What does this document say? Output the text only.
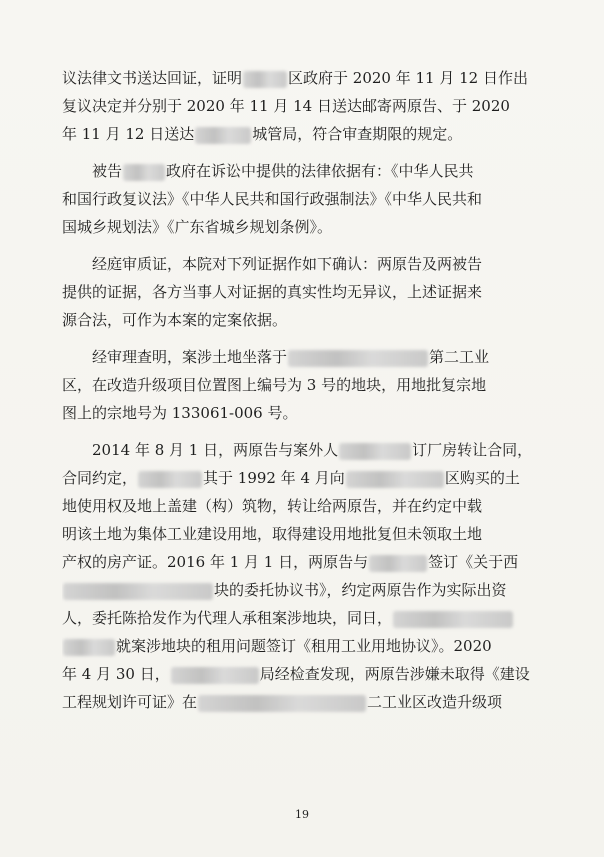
议法律文书送达回证，证明	区政府于 2020 年 11 月 12 日作出
复议决定并分别于 2020 年 11 月 14 日送达邮寄两原告、于 2020
年 11 月 12 日送达	城管局，符合审查期限的规定。
被告	政府在诉讼中提供的法律依据有：《中华人民共
和国行政复议法》《中华人民共和国行政强制法》《中华人民共和
国城乡规划法》《广东省城乡规划条例》。
经庭审质证，本院对下列证据作如下确认：两原告及两被告
提供的证据，各方当事人对证据的真实性均无异议，上述证据来
源合法，可作为本案的定案依据。
经审理查明，案涉土地坐落于	第二工业
区，在改造升级项目位置图上编号为 3 号的地块，用地批复宗地
图上的宗地号为 133061-006 号。
2014 年 8 月 1 日，两原告与案外人	订厂房转让合同，
合同约定，	其于 1992 年 4 月向	区购买的土
地使用权及地上盖建（构）筑物，转让给两原告，并在约定中载
明该土地为集体工业建设用地，取得建设用地批复但未领取土地
产权的房产证。2016 年 1 月 1 日，两原告与	签订《关于西
块的委托协议书》，约定两原告作为实际出资
人，委托陈拾发作为代理人承租案涉地块，同日，
就案涉地块的租用问题签订《租用工业用地协议》。2020
年 4 月 30 日，	局经检查发现，两原告涉嫌未取得《建设
工程规划许可证》在	二工业区改造升级项
19
